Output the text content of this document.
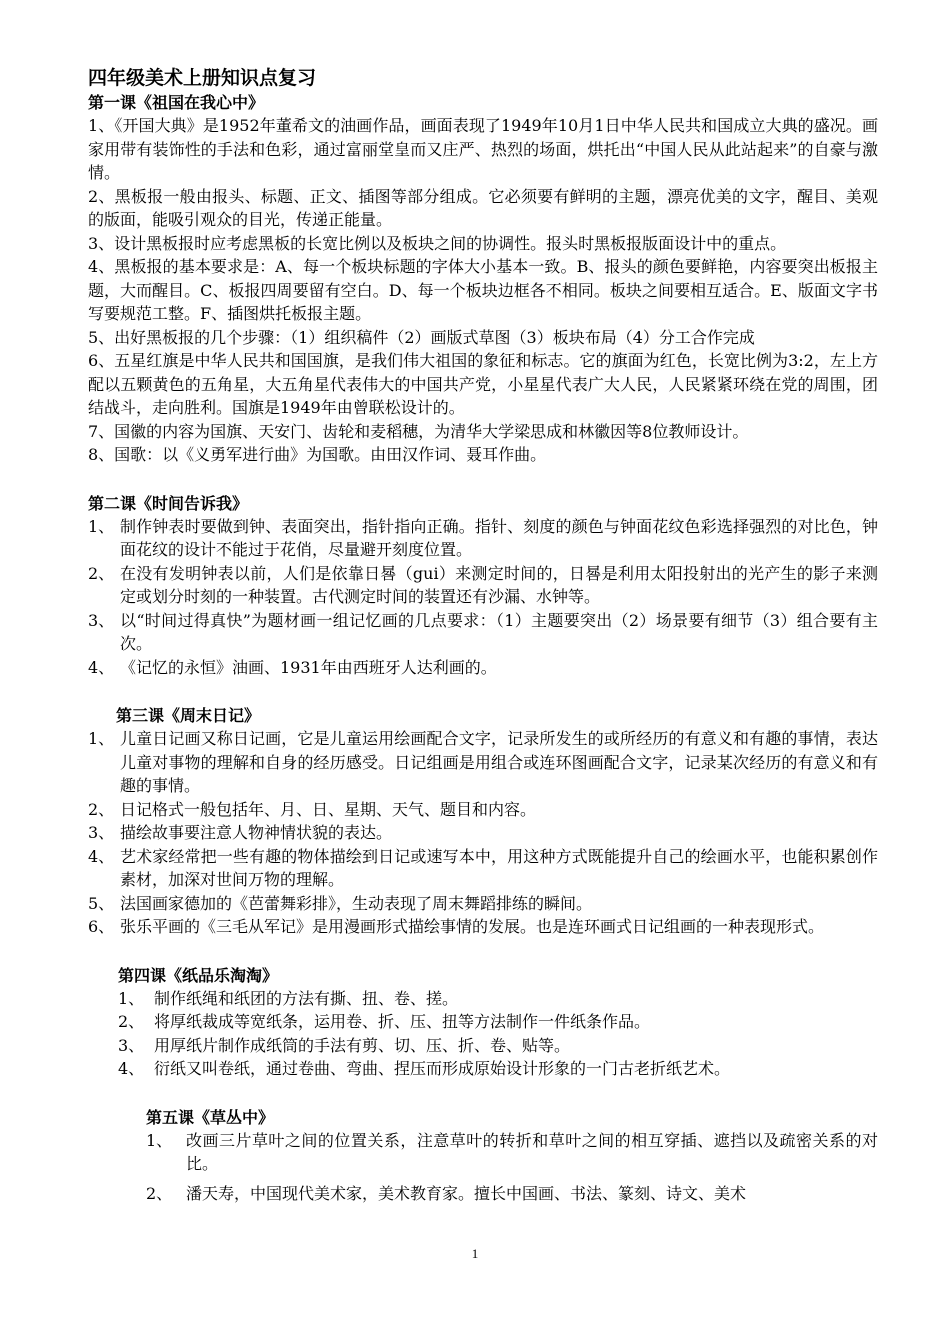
四年级美术上册知识点复习

第一课《祖国在我心中》

1、《开国大典》是1952年董希文的油画作品，画面表现了1949年10月1日中华人民共和国成立大典的盛况。画家用带有装饰性的手法和色彩，通过富丽堂皇而又庄严、热烈的场面，烘托出“中国人民从此站起来”的自豪与激情。

2、黑板报一般由报头、标题、正文、插图等部分组成。它必须要有鲜明的主题，漂亮优美的文字，醒目、美观的版面，能吸引观众的目光，传递正能量。

3、设计黑板报时应考虑黑板的长宽比例以及板块之间的协调性。报头时黑板报版面设计中的重点。

4、黑板报的基本要求是：A、每一个板块标题的字体大小基本一致。B、报头的颜色要鲜艳，内容要突出板报主题，大而醒目。C、板报四周要留有空白。D、每一个板块边框各不相同。板块之间要相互适合。E、版面文字书写要规范工整。F、插图烘托板报主题。

5、出好黑板报的几个步骤：（1）组织稿件（2）画版式草图（3）板块布局（4）分工合作完成

6、五星红旗是中华人民共和国国旗，是我们伟大祖国的象征和标志。它的旗面为红色，长宽比例为3:2，左上方配以五颗黄色的五角星，大五角星代表伟大的中国共产党，小星星代表广大人民，人民紧紧环绕在党的周围，团结战斗，走向胜利。国旗是1949年由曾联松设计的。

7、国徽的内容为国旗、天安门、齿轮和麦稻穗，为清华大学梁思成和林徽因等8位教师设计。

8、国歌：以《义勇军进行曲》为国歌。由田汉作词、聂耳作曲。

第二课《时间告诉我》

1、 制作钟表时要做到钟、表面突出，指针指向正确。指针、刻度的颜色与钟面花纹色彩选择强烈的对比色，钟面花纹的设计不能过于花俏，尽量避开刻度位置。
2、 在没有发明钟表以前，人们是依靠日晷（gui）来测定时间的，日晷是利用太阳投射出的光产生的影子来测定或划分时刻的一种装置。古代测定时间的装置还有沙漏、水钟等。
3、 以“时间过得真快”为题材画一组记忆画的几点要求：（1）主题要突出（2）场景要有细节（3）组合要有主次。
4、 《记忆的永恒》油画、1931年由西班牙人达利画的。

第三课《周末日记》

1、 儿童日记画又称日记画，它是儿童运用绘画配合文字，记录所发生的或所经历的有意义和有趣的事情，表达儿童对事物的理解和自身的经历感受。日记组画是用组合或连环图画配合文字，记录某次经历的有意义和有趣的事情。
2、 日记格式一般包括年、月、日、星期、天气、题目和内容。
3、 描绘故事要注意人物神情状貌的表达。
4、 艺术家经常把一些有趣的物体描绘到日记或速写本中，用这种方式既能提升自己的绘画水平，也能积累创作素材，加深对世间万物的理解。
5、 法国画家德加的《芭蕾舞彩排》，生动表现了周末舞蹈排练的瞬间。
6、 张乐平画的《三毛从军记》是用漫画形式描绘事情的发展。也是连环画式日记组画的一种表现形式。

第四课《纸品乐淘淘》

1、 制作纸绳和纸团的方法有撕、扭、卷、搓。
2、 将厚纸裁成等宽纸条，运用卷、折、压、扭等方法制作一件纸条作品。
3、 用厚纸片制作成纸筒的手法有剪、切、压、折、卷、贴等。
4、 衍纸又叫卷纸，通过卷曲、弯曲、捏压而形成原始设计形象的一门古老折纸艺术。

第五课《草丛中》

1、 改画三片草叶之间的位置关系，注意草叶的转折和草叶之间的相互穿插、遮挡以及疏密关系的对比。
2、 潘天寿，中国现代美术家，美术教育家。擅长中国画、书法、篆刻、诗文、美术
1
